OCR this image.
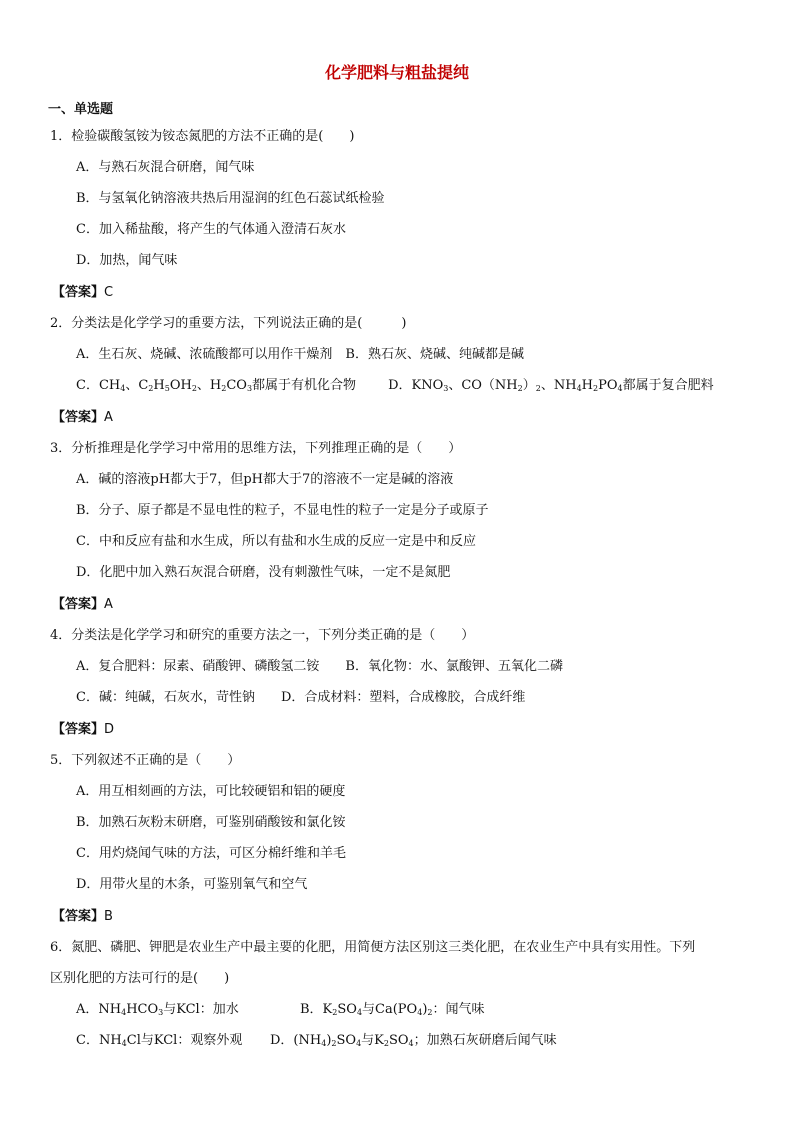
化学肥料与粗盐提纯
一、单选题
1．检验碳酸氢铵为铵态氮肥的方法不正确的是(　　)
A．与熟石灰混合研磨，闻气味
B．与氢氧化钠溶液共热后用湿润的红色石蕊试纸检验
C．加入稀盐酸，将产生的气体通入澄清石灰水
D．加热，闻气味
【答案】C
2．分类法是化学学习的重要方法，下列说法正确的是(　　　)
A．生石灰、烧碱、浓硫酸都可以用作干燥剂　B．熟石灰、烧碱、纯碱都是碱
C．$CH_4$、$C_2H_5OH_2$、$H_2CO_3$都属于有机化合物 D．$KNO_3$、$CO(NH_2)_2$、$NH_4H_2PO_4$都属于复合肥料
【答案】A
3．分析推理是化学学习中常用的思维方法，下列推理正确的是（　　）
A．碱的溶液pH都大于7，但pH都大于7的溶液不一定是碱的溶液
B．分子、原子都是不显电性的粒子，不显电性的粒子一定是分子或原子
C．中和反应有盐和水生成，所以有盐和水生成的反应一定是中和反应
D．化肥中加入熟石灰混合研磨，没有刺激性气味，一定不是氮肥
【答案】A
4．分类法是化学学习和研究的重要方法之一，下列分类正确的是（　　）
A．复合肥料：尿素、硝酸钾、磷酸氢二铵　　B．氧化物：水、氯酸钾、五氧化二磷
C．碱：纯碱，石灰水，苛性钠　　D．合成材料：塑料，合成橡胶，合成纤维
【答案】D
5．下列叙述不正确的是（　　）
A．用互相刻画的方法，可比较硬铝和铝的硬度
B．加熟石灰粉末研磨，可鉴别硝酸铵和氯化铵
C．用灼烧闻气味的方法，可区分棉纤维和羊毛
D．用带火星的木条，可鉴别氧气和空气
【答案】B
6．氮肥、磷肥、钾肥是农业生产中最主要的化肥，用简便方法区别这三类化肥，在农业生产中具有实用性。下列
区别化肥的方法可行的是(　　)
A．$NH_4HCO_3$与KCl：加水	B．$K_2SO_4$与$Ca(PO_4)_2$：闻气味
C．$NH_4Cl$与KCl：观察外观 D．$(NH_4)_2SO_4$与$K_2SO_4$；加熟石灰研磨后闻气味
